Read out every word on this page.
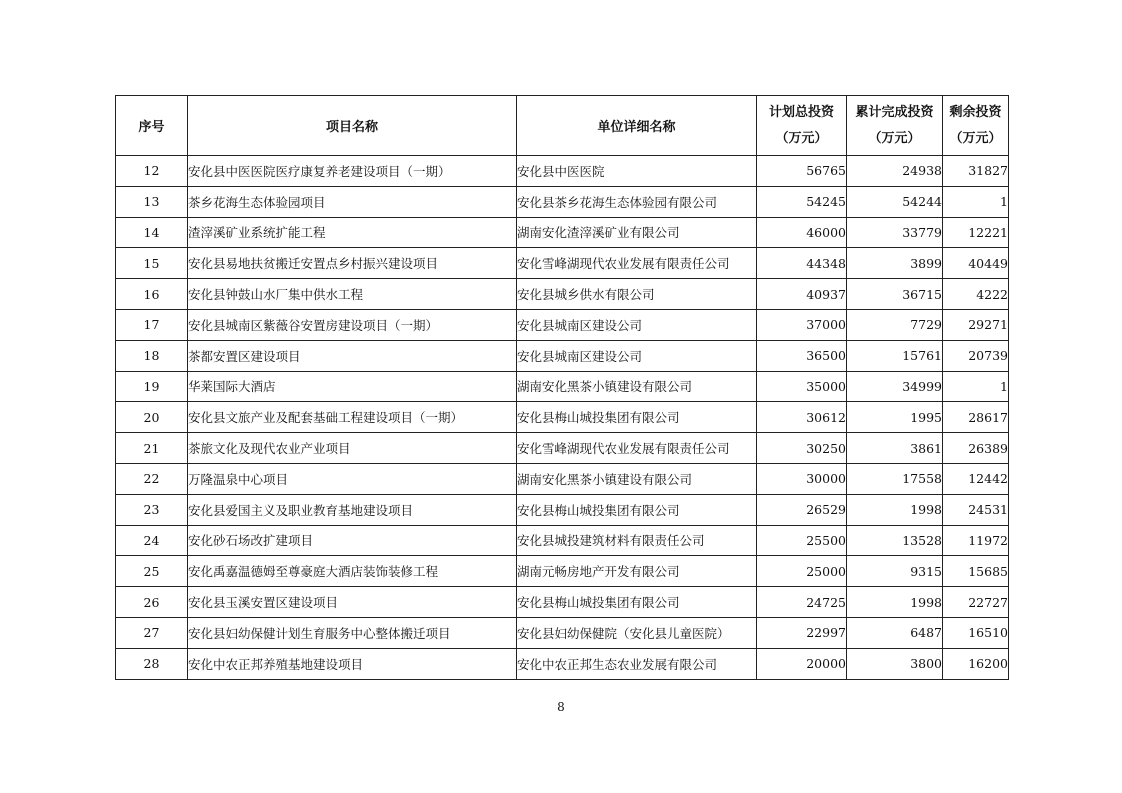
序号	项目名称	单位详细名称	计划总投资（万元）	累计完成投资（万元）	剩余投资（万元）
12	安化县中医医院医疗康复养老建设项目（一期）	安化县中医医院	56765	24938	31827
13	茶乡花海生态体验园项目	安化县茶乡花海生态体验园有限公司	54245	54244	1
14	渣滓溪矿业系统扩能工程	湖南安化渣滓溪矿业有限公司	46000	33779	12221
15	安化县易地扶贫搬迁安置点乡村振兴建设项目	安化雪峰湖现代农业发展有限责任公司	44348	3899	40449
16	安化县钟鼓山水厂集中供水工程	安化县城乡供水有限公司	40937	36715	4222
17	安化县城南区紫薇谷安置房建设项目（一期）	安化县城南区建设公司	37000	7729	29271
18	茶都安置区建设项目	安化县城南区建设公司	36500	15761	20739
19	华莱国际大酒店	湖南安化黑茶小镇建设有限公司	35000	34999	1
20	安化县文旅产业及配套基础工程建设项目（一期）	安化县梅山城投集团有限公司	30612	1995	28617
21	茶旅文化及现代农业产业项目	安化雪峰湖现代农业发展有限责任公司	30250	3861	26389
22	万隆温泉中心项目	湖南安化黑茶小镇建设有限公司	30000	17558	12442
23	安化县爱国主义及职业教育基地建设项目	安化县梅山城投集团有限公司	26529	1998	24531
24	安化砂石场改扩建项目	安化县城投建筑材料有限责任公司	25500	13528	11972
25	安化禹嘉温德姆至尊豪庭大酒店装饰装修工程	湖南元畅房地产开发有限公司	25000	9315	15685
26	安化县玉溪安置区建设项目	安化县梅山城投集团有限公司	24725	1998	22727
27	安化县妇幼保健计划生育服务中心整体搬迁项目	安化县妇幼保健院（安化县儿童医院）	22997	6487	16510
28	安化中农正邦养殖基地建设项目	安化中农正邦生态农业发展有限公司	20000	3800	16200
8
